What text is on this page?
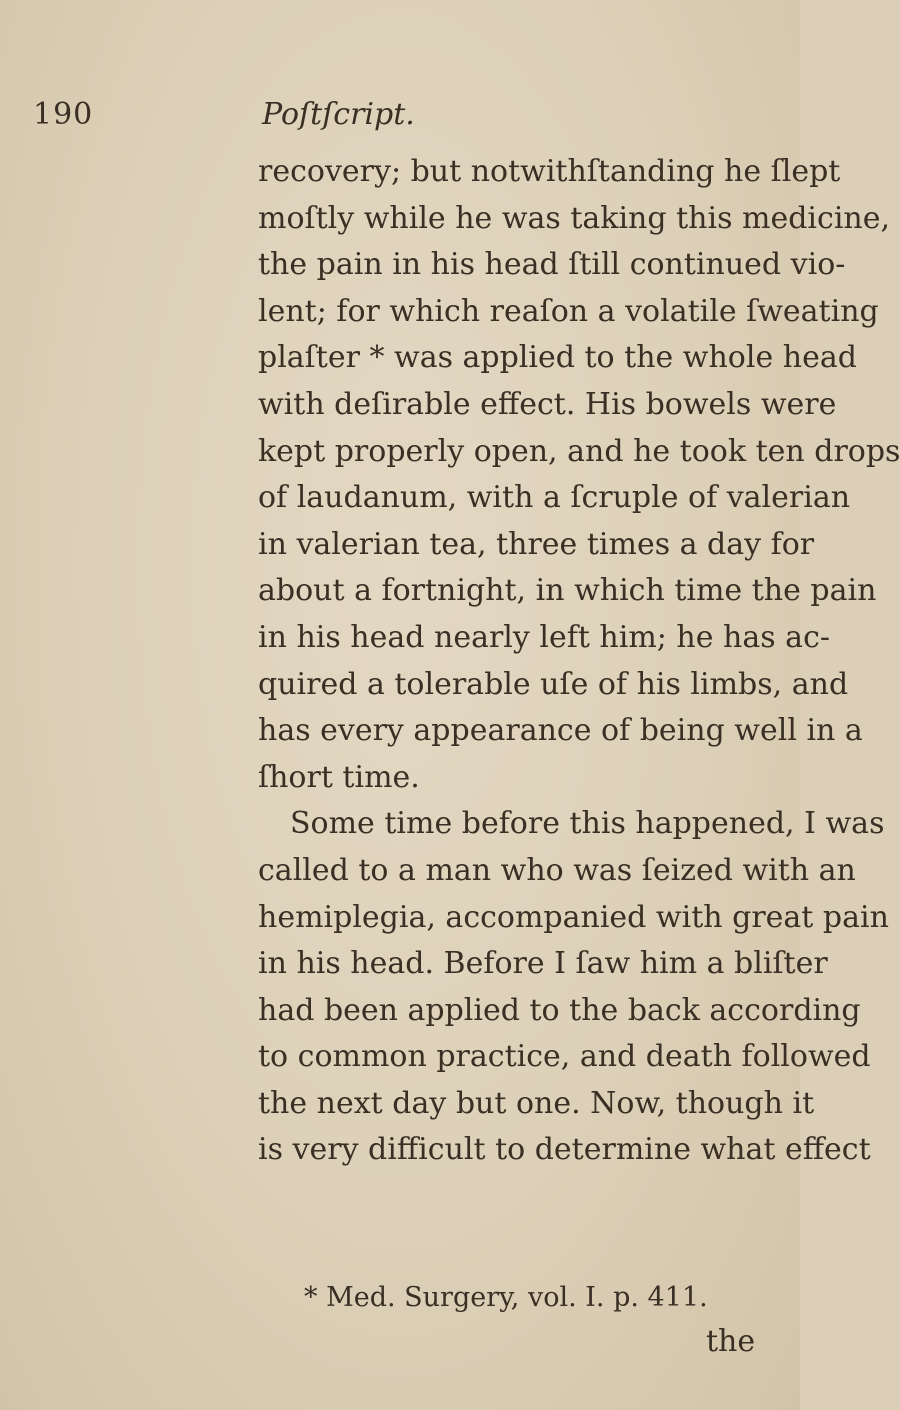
190	Poſtſcript.
recovery; but notwithſtanding he ſlept
moſtly while he was taking this medicine,
the pain in his head ſtill continued vio-
lent; for which reaſon a volatile ſweating
plaſter * was applied to the whole head
with deſirable effect. His bowels were
kept properly open, and he took ten drops
of laudanum, with a ſcruple of valerian
in valerian tea, three times a day for
about a fortnight, in which time the pain
in his head nearly left him; he has ac-
quired a tolerable uſe of his limbs, and
has every appearance of being well in a
ſhort time.
Some time before this happened, I was
called to a man who was ſeized with an
hemiplegia, accompanied with great pain
in his head. Before I ſaw him a bliſter
had been applied to the back according
to common practice, and death followed
the next day but one. Now, though it
is very difficult to determine what effect
* Med. Surgery, vol. I. p. 411.
the
